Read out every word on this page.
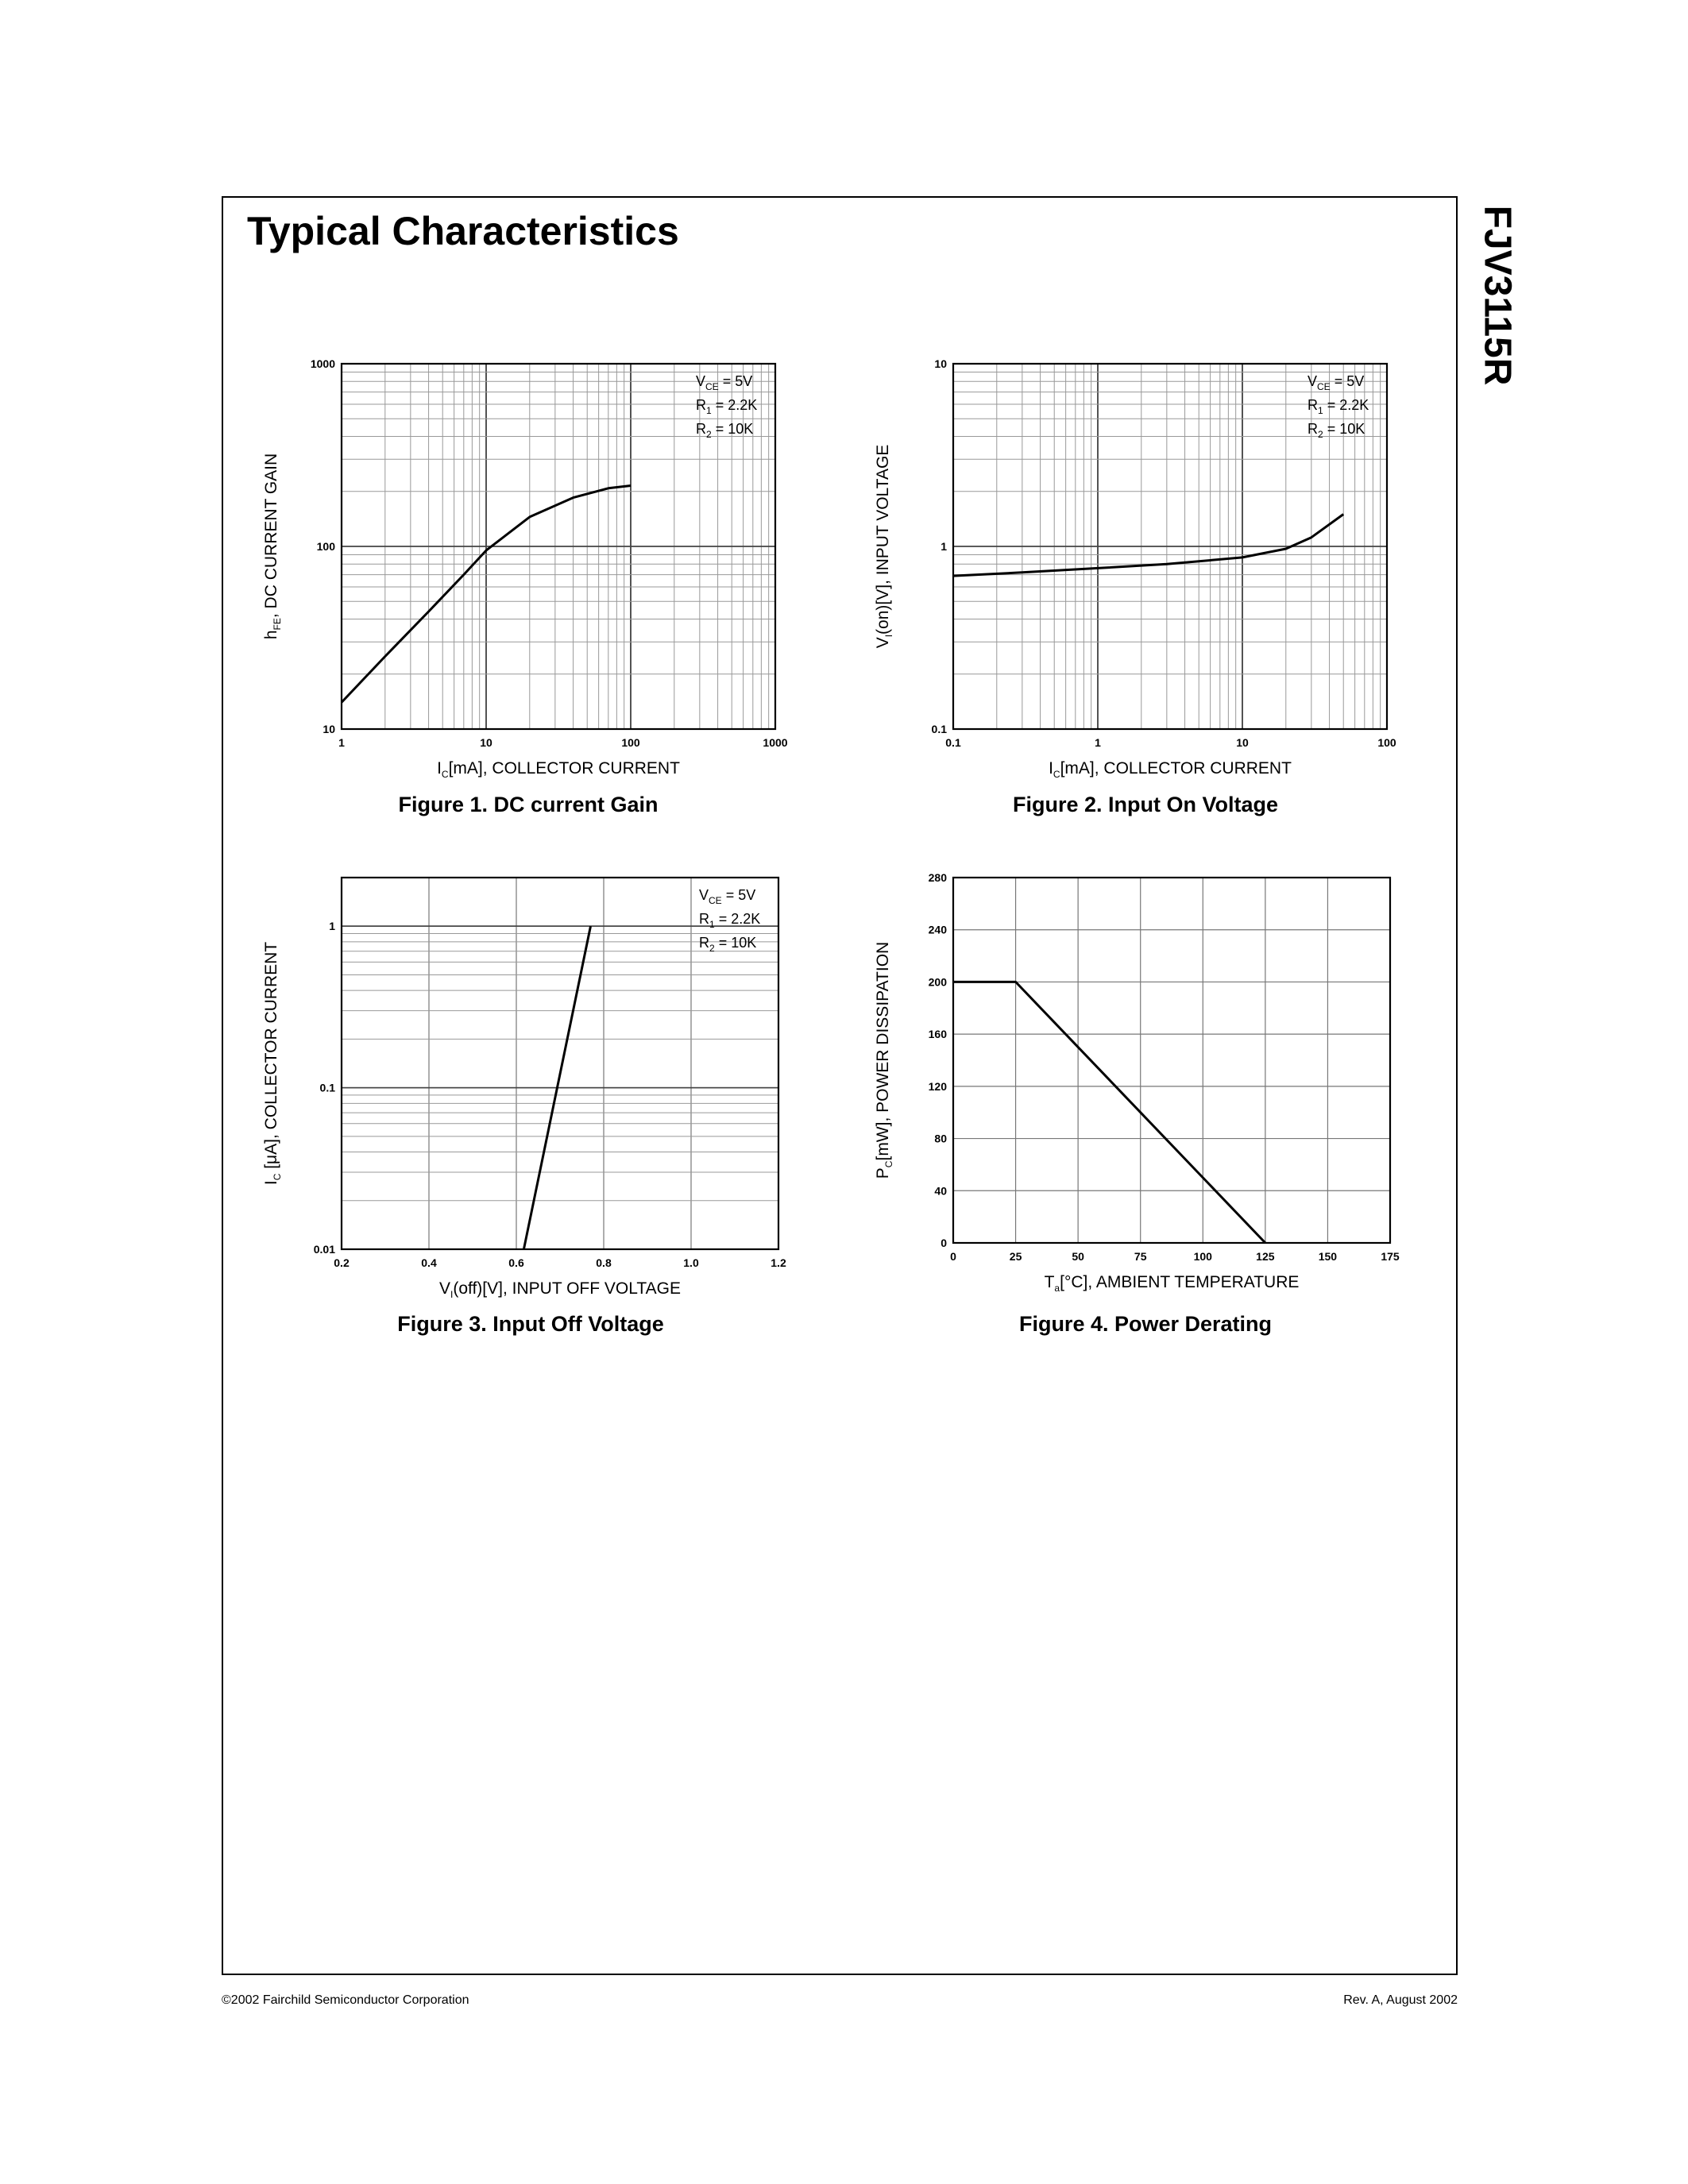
Typical Characteristics	FJV3115R
1	10	100	1000
10
100
1000
$I_C[mA]$, COLLECTOR CURRENT
$h_{FE}$, DC CURRENT GAIN
$V_{CE} = 5V$
$R_1 = 2.2K$
$R_2 = 10K$
Figure 1. DC current Gain
0.1	1	10	100
0.1
1
10
$I_C[mA]$, COLLECTOR CURRENT
$V_I(on)[V]$, INPUT VOLTAGE
$V_{CE} = 5V$
$R_1 = 2.2K$
$R_2 = 10K$
Figure 2. Input On Voltage
0.2	0.4	0.6	0.8	1.0	1.2
0.01
0.1
1
$V_I(off)[V]$, INPUT OFF VOLTAGE
$I_C$ [μA], COLLECTOR CURRENT
$V_{CE} = 5V$
$R_1 = 2.2K$
$R_2 = 10K$
Figure 3. Input Off Voltage
0	25	50	75	100	125	150	175
0
40
80
120
160
200
240
280
$T_a[^\circ C]$, AMBIENT TEMPERATURE
$P_C[mW]$, POWER DISSIPATION
Figure 4. Power Derating
©2002 Fairchild Semiconductor Corporation	Rev. A, August 2002
